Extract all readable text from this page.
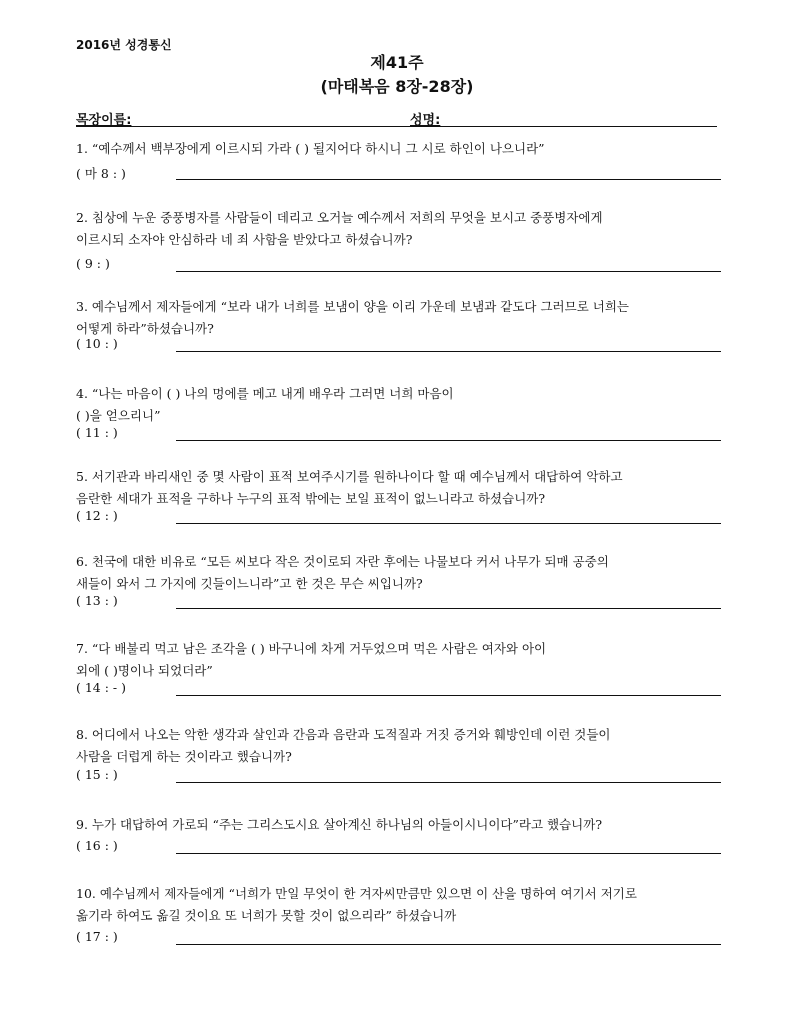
2016년 성경통신
제41주
(마태복음 8장-28장)
목장이름:	성명:
1. “예수께서 백부장에게 이르시되 가라 ( ) 될지어다 하시니 그 시로 하인이 나으니라”
( 마 8 : )
2. 침상에 누운 중풍병자를 사람들이 데리고 오거늘 예수께서 저희의 무엇을 보시고 중풍병자에게
이르시되 소자야 안심하라 네 죄 사함을 받았다고 하셨습니까?
( 9 : )
3. 예수님께서 제자들에게 “보라 내가 너희를 보냄이 양을 이리 가운데 보냄과 같도다 그러므로 너희는
어떻게 하라”하셨습니까?
( 10 : )
4. “나는 마음이 ( ) 나의 멍에를 메고 내게 배우라 그러면 너희 마음이
( )을 얻으리니”
( 11 : )
5. 서기관과 바리새인 중 몇 사람이 표적 보여주시기를 원하나이다 할 때 예수님께서 대답하여 악하고
음란한 세대가 표적을 구하나 누구의 표적 밖에는 보일 표적이 없느니라고 하셨습니까?
( 12 : )
6. 천국에 대한 비유로 “모든 씨보다 작은 것이로되 자란 후에는 나물보다 커서 나무가 되매 공중의
새들이 와서 그 가지에 깃들이느니라”고 한 것은 무슨 씨입니까?
( 13 : )
7. “다 배불리 먹고 남은 조각을 ( ) 바구니에 차게 거두었으며 먹은 사람은 여자와 아이
외에 ( )명이나 되었더라”
( 14 : - )
8. 어디에서 나오는 악한 생각과 살인과 간음과 음란과 도적질과 거짓 증거와 훼방인데 이런 것들이
사람을 더럽게 하는 것이라고 했습니까?
( 15 : )
9. 누가 대답하여 가로되 “주는 그리스도시요 살아계신 하나님의 아들이시니이다”라고 했습니까?
( 16 : )
10. 예수님께서 제자들에게 “너희가 만일 무엇이 한 겨자씨만큼만 있으면 이 산을 명하여 여기서 저기로
옮기라 하여도 옮길 것이요 또 너희가 못할 것이 없으리라” 하셨습니까
( 17 : )
